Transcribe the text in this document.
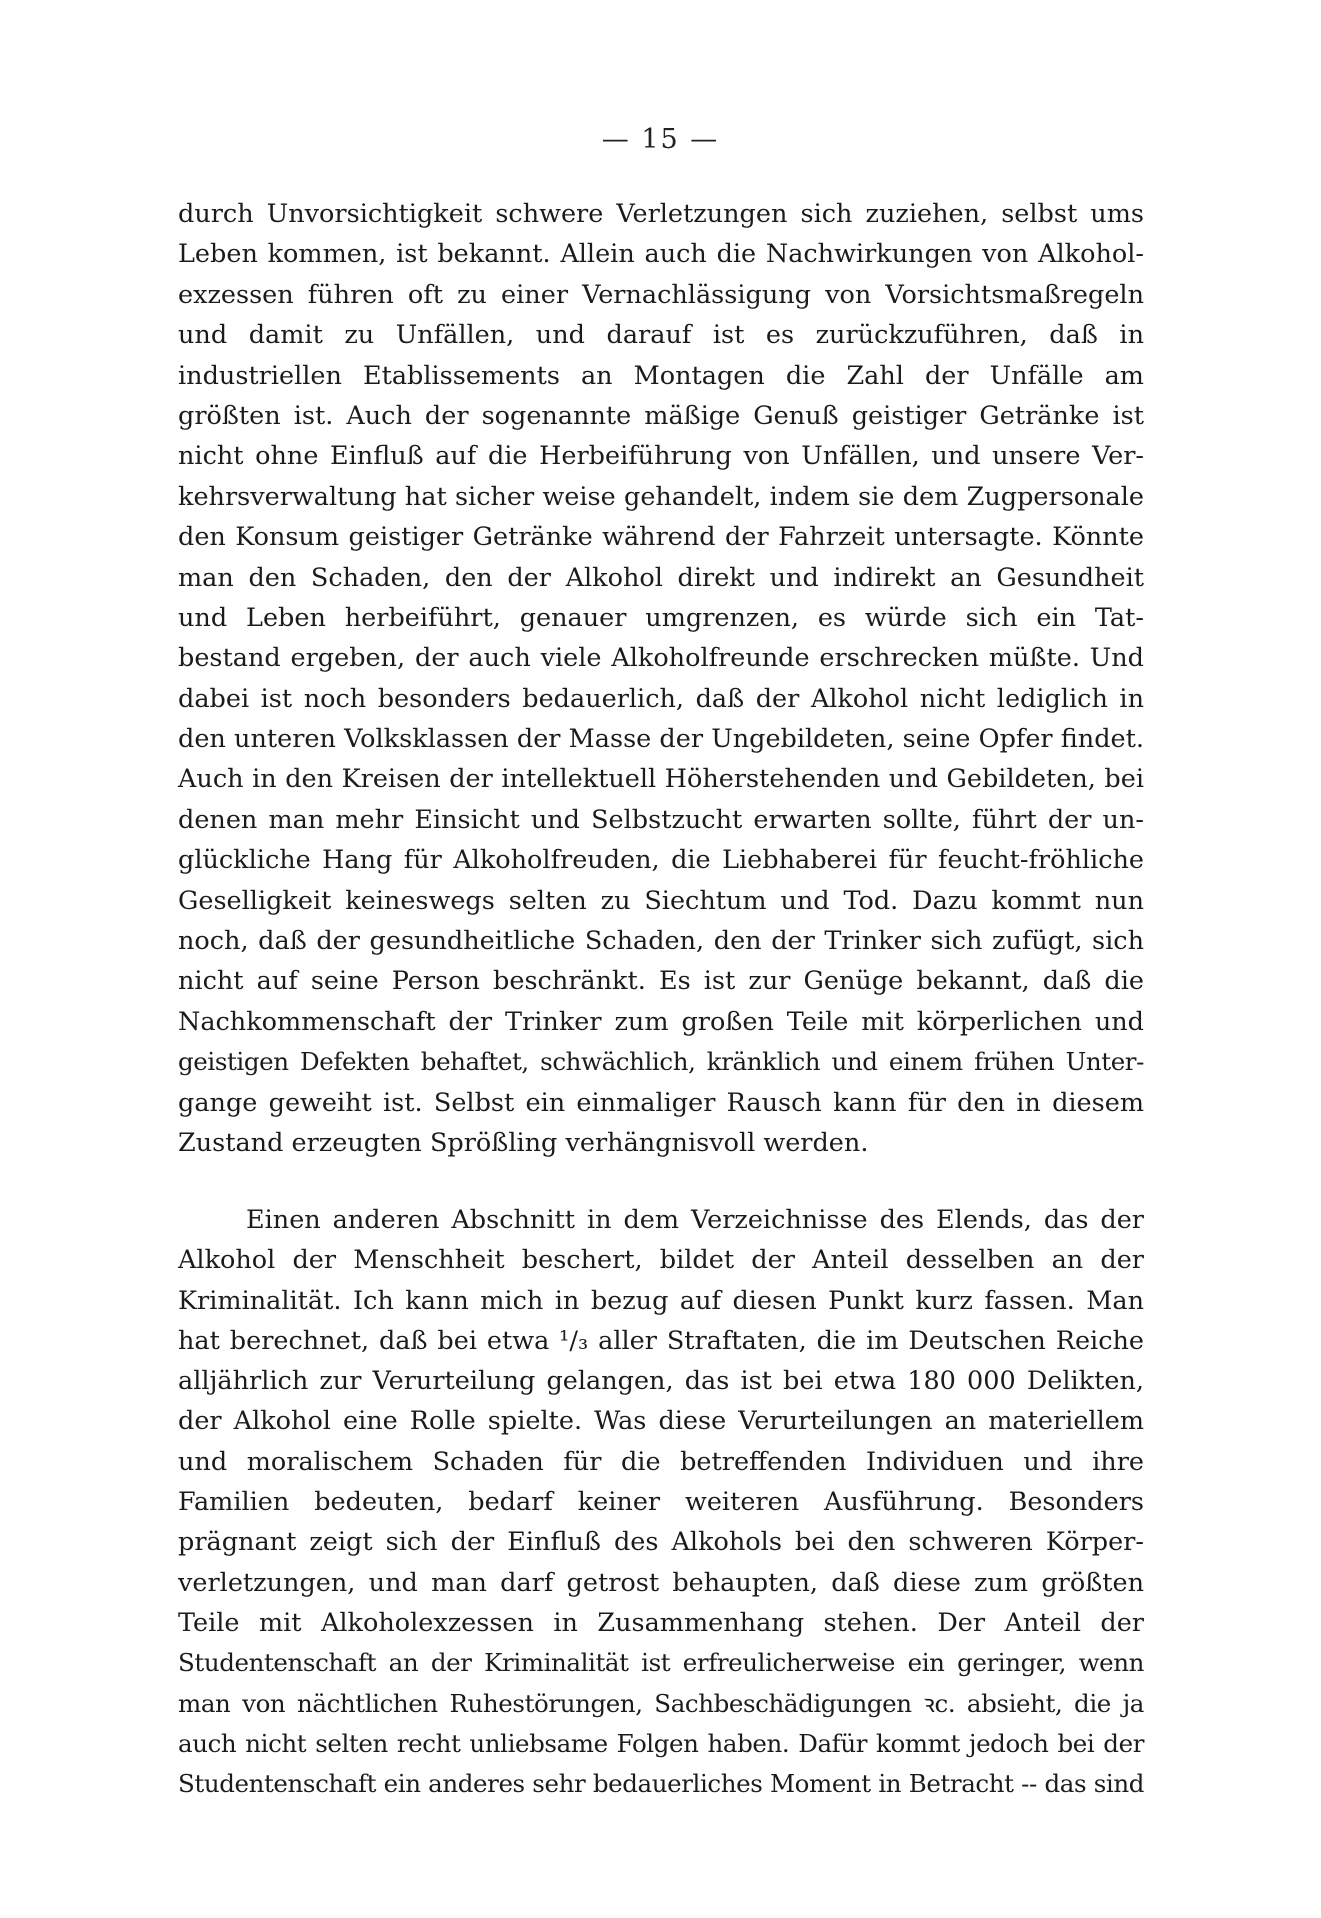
— 15 —
durch Unvorsichtigkeit schwere Verletzungen sich zuziehen, selbst ums
Leben kommen, ist bekannt. Allein auch die Nachwirkungen von Alkohol-
exzessen führen oft zu einer Vernachlässigung von Vorsichtsmaßregeln
und damit zu Unfällen, und darauf ist es zurückzuführen, daß in
industriellen Etablissements an Montagen die Zahl der Unfälle am
größten ist. Auch der sogenannte mäßige Genuß geistiger Getränke ist
nicht ohne Einfluß auf die Herbeiführung von Unfällen, und unsere Ver-
kehrsverwaltung hat sicher weise gehandelt, indem sie dem Zugpersonale
den Konsum geistiger Getränke während der Fahrzeit untersagte. Könnte
man den Schaden, den der Alkohol direkt und indirekt an Gesundheit
und Leben herbeiführt, genauer umgrenzen, es würde sich ein Tat-
bestand ergeben, der auch viele Alkoholfreunde erschrecken müßte. Und
dabei ist noch besonders bedauerlich, daß der Alkohol nicht lediglich in
den unteren Volksklassen der Masse der Ungebildeten, seine Opfer findet.
Auch in den Kreisen der intellektuell Höherstehenden und Gebildeten, bei
denen man mehr Einsicht und Selbstzucht erwarten sollte, führt der un-
glückliche Hang für Alkoholfreuden, die Liebhaberei für feucht-fröhliche
Geselligkeit keineswegs selten zu Siechtum und Tod. Dazu kommt nun
noch, daß der gesundheitliche Schaden, den der Trinker sich zufügt, sich
nicht auf seine Person beschränkt. Es ist zur Genüge bekannt, daß die
Nachkommenschaft der Trinker zum großen Teile mit körperlichen und
geistigen Defekten behaftet, schwächlich, kränklich und einem frühen Unter-
gange geweiht ist. Selbst ein einmaliger Rausch kann für den in diesem
Zustand erzeugten Sprößling verhängnisvoll werden.
Einen anderen Abschnitt in dem Verzeichnisse des Elends, das der
Alkohol der Menschheit beschert, bildet der Anteil desselben an der
Kriminalität. Ich kann mich in bezug auf diesen Punkt kurz fassen. Man
hat berechnet, daß bei etwa ¹/₃ aller Straftaten, die im Deutschen Reiche
alljährlich zur Verurteilung gelangen, das ist bei etwa 180 000 Delikten,
der Alkohol eine Rolle spielte. Was diese Verurteilungen an materiellem
und moralischem Schaden für die betreffenden Individuen und ihre
Familien bedeuten, bedarf keiner weiteren Ausführung. Besonders
prägnant zeigt sich der Einfluß des Alkohols bei den schweren Körper-
verletzungen, und man darf getrost behaupten, daß diese zum größten
Teile mit Alkoholexzessen in Zusammenhang stehen. Der Anteil der
Studentenschaft an der Kriminalität ist erfreulicherweise ein geringer, wenn
man von nächtlichen Ruhestörungen, Sachbeschädigungen ꝛc. absieht, die ja
auch nicht selten recht unliebsame Folgen haben. Dafür kommt jedoch bei der
Studentenschaft ein anderes sehr bedauerliches Moment in Betracht -- das sind
